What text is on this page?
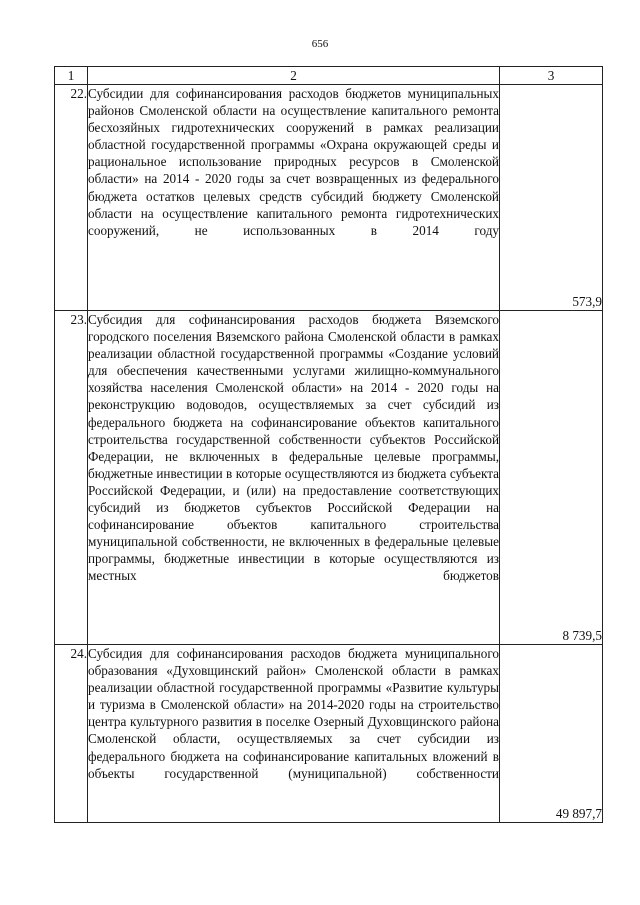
656
1	2	3
22.	Субсидии для софинансирования расходов бюджетов муниципальных районов Смоленской области на осуществление капитального ремонта бесхозяйных гидротехнических сооружений в рамках реализации областной государственной программы «Охрана окружающей среды и рациональное использование природных ресурсов в Смоленской области» на 2014 - 2020 годы за счет возвращенных из федерального бюджета остатков целевых средств субсидий бюджету Смоленской области на осуществление капитального ремонта гидротехнических сооружений, не использованных в 2014 году	573,9
23.	Субсидия для софинансирования расходов бюджета Вяземского городского поселения Вяземского района Смоленской области в рамках реализации областной государственной программы «Создание условий для обеспечения качественными услугами жилищно-коммунального хозяйства населения Смоленской области» на 2014 - 2020 годы на реконструкцию водоводов, осуществляемых за счет субсидий из федерального бюджета на софинансирование объектов капитального строительства государственной собственности субъектов Российской Федерации, не включенных в федеральные целевые программы, бюджетные инвестиции в которые осуществляются из бюджета субъекта Российской Федерации, и (или) на предоставление соответствующих субсидий из бюджетов субъектов Российской Федерации на софинансирование объектов капитального строительства муниципальной собственности, не включенных в федеральные целевые программы, бюджетные инвестиции в которые осуществляются из местных бюджетов	8 739,5
24.	Субсидия для софинансирования расходов бюджета муниципального образования «Духовщинский район» Смоленской области в рамках реализации областной государственной программы «Развитие культуры и туризма в Смоленской области» на 2014-2020 годы на строительство центра культурного развития в поселке Озерный Духовщинского района Смоленской области, осуществляемых за счет субсидии из федерального бюджета на софинансирование капитальных вложений в объекты государственной (муниципальной) собственности	49 897,7
